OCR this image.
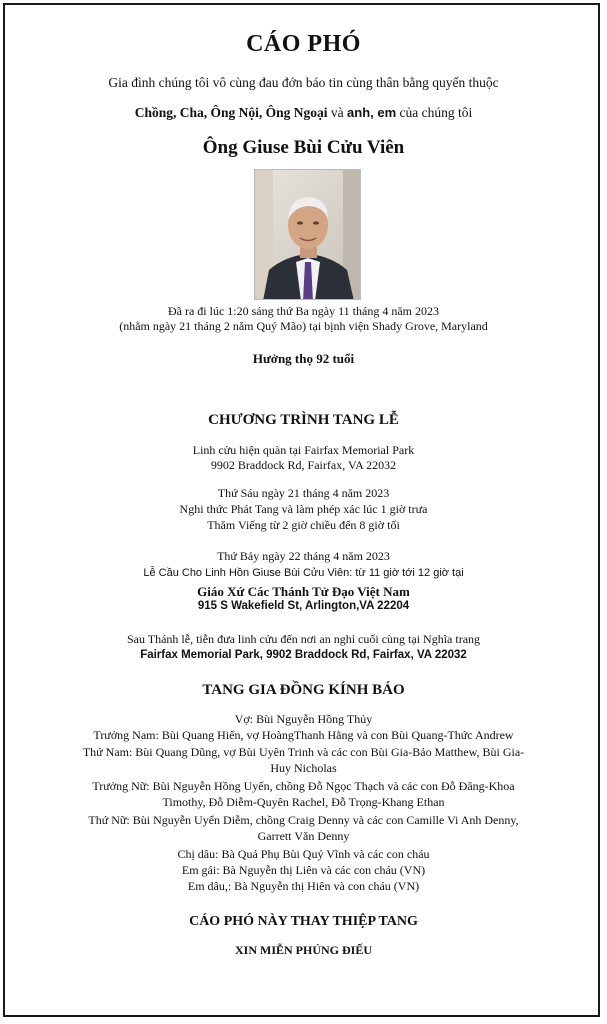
CÁO PHÓ
Gia đình chúng tôi vô cùng đau đớn báo tin cùng thân bằng quyến thuộc
Chồng, Cha, Ông Nội, Ông Ngoại và anh, em của chúng tôi
Ông Giuse Bùi Cửu Viên
Đã ra đi lúc 1:20 sáng thứ Ba ngày 11 tháng 4 năm 2023
(nhằm ngày 21 tháng 2 năm Quý Mão) tại bịnh viện Shady Grove, Maryland
Hưởng thọ 92 tuổi
CHƯƠNG TRÌNH TANG LỄ
Linh cửu hiện quàn tại Fairfax Memorial Park
9902 Braddock Rd, Fairfax, VA 22032
Thứ Sáu ngày 21 tháng 4 năm 2023
Nghi thức Phát Tang và làm phép xác lúc 1 giờ trưa
Thăm Viếng từ 2 giờ chiều đến 8 giờ tối
Thứ Bảy ngày 22 tháng 4 năm 2023
Lễ Cầu Cho Linh Hồn Giuse Bùi Cửu Viên: từ 11 giờ tới 12 giờ tại
Giáo Xứ Các Thánh Tử Đạo Việt Nam
915 S Wakefield St, Arlington,VA 22204
Sau Thánh lễ, tiễn đưa linh cửu đến nơi an nghỉ cuối cùng tại Nghĩa trang
Fairfax Memorial Park, 9902 Braddock Rd, Fairfax, VA 22032
TANG GIA ĐỒNG KÍNH BÁO
Vợ: Bùi Nguyễn Hồng Thủy
Trưởng Nam: Bùi Quang Hiển, vợ HoàngThanh Hằng và con Bùi Quang-Thức Andrew
Thứ Nam: Bùi Quang Dũng, vợ Bùi Uyên Trinh và các con Bùi Gia-Bảo Matthew, Bùi Gia-
Huy Nicholas
Trưởng Nữ: Bùi Nguyễn Hồng Uyển, chồng Đỗ Ngọc Thạch và các con Đỗ Đăng-Khoa
Timothy, Đỗ Diễm-Quyên Rachel, Đỗ Trọng-Khang Ethan
Thứ Nữ: Bùi Nguyễn Uyển Diễm, chồng Craig Denny và các con Camille Vi Anh Denny,
Garrett Văn Denny
Chị dâu: Bà Quả Phụ Bùi Quý Vĩnh và các con cháu
Em gái: Bà Nguyễn thị Liên và các con cháu (VN)
Em dâu,: Bà Nguyễn thị Hiên và con cháu (VN)
CÁO PHÓ NÀY THAY THIỆP TANG
XIN MIỄN PHÚNG ĐIẾU
